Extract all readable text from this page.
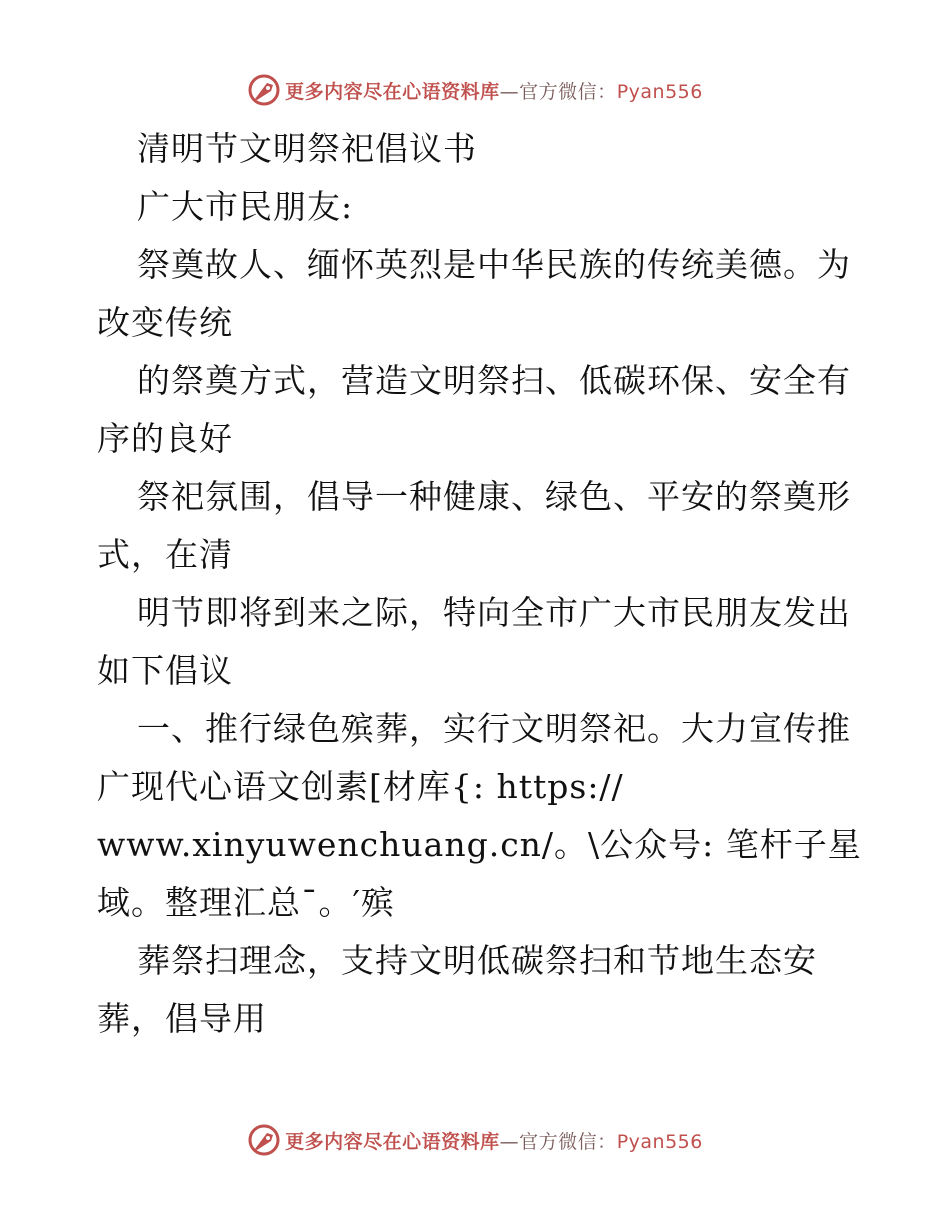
更多内容尽在心语资料库—官方微信：Pyan556
清明节文明祭祀倡议书
广大市民朋友:
祭奠故人、缅怀英烈是中华民族的传统美德。为
改变传统
的祭奠方式，营造文明祭扫、低碳环保、安全有
序的良好
祭祀氛围，倡导一种健康、绿色、平安的祭奠形
式，在清
明节即将到来之际，特向全市广大市民朋友发出
如下倡议
一、推行绿色殡葬，实行文明祭祀。大力宣传推
广现代心语文创素[材库{: https://
www.xinyuwenchuang.cn/。\公众号: 笔杆子星
域。整理汇总¯。′殡
葬祭扫理念，支持文明低碳祭扫和节地生态安
葬，倡导用
更多内容尽在心语资料库—官方微信：Pyan556
